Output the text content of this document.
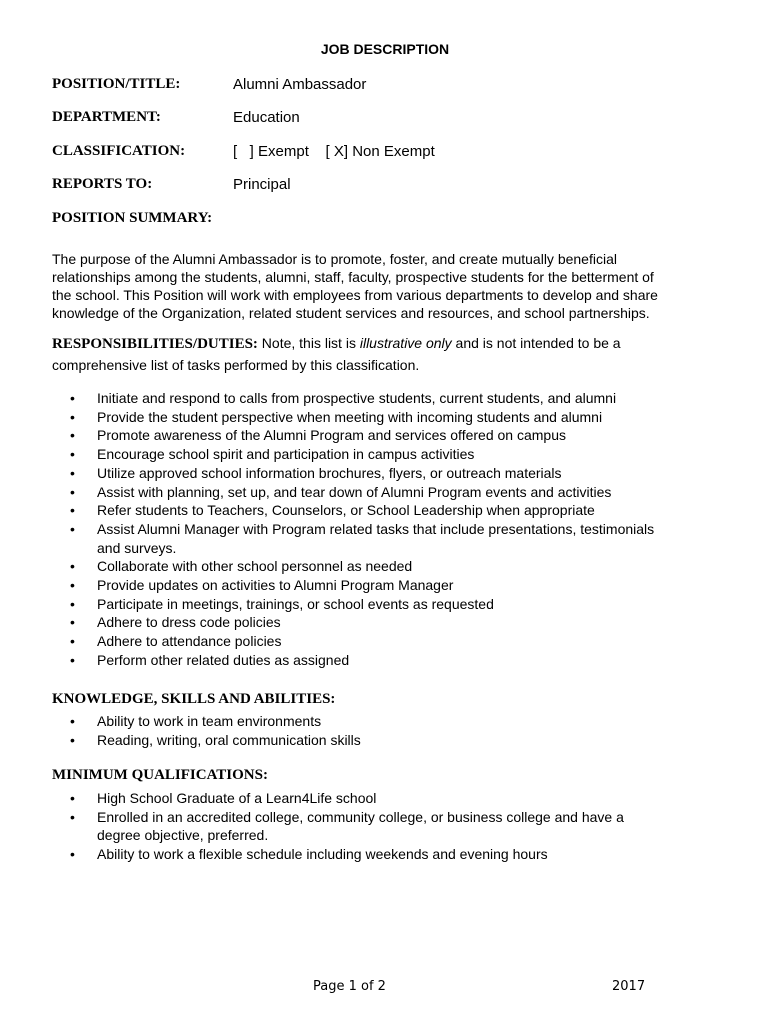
JOB DESCRIPTION
POSITION/TITLE:	Alumni Ambassador
DEPARTMENT:	Education
CLASSIFICATION:	[   ] Exempt    [ X] Non Exempt
REPORTS TO:	Principal
POSITION SUMMARY:
The purpose of the Alumni Ambassador is to promote, foster, and create mutually beneficial
relationships among the students, alumni, staff, faculty, prospective students for the betterment of
the school. This Position will work with employees from various departments to develop and share
knowledge of the Organization, related student services and resources, and school partnerships.
RESPONSIBILITIES/DUTIES: Note, this list is illustrative only and is not intended to be a
comprehensive list of tasks performed by this classification.
• Initiate and respond to calls from prospective students, current students, and alumni
• Provide the student perspective when meeting with incoming students and alumni
• Promote awareness of the Alumni Program and services offered on campus
• Encourage school spirit and participation in campus activities
• Utilize approved school information brochures, flyers, or outreach materials
• Assist with planning, set up, and tear down of Alumni Program events and activities
• Refer students to Teachers, Counselors, or School Leadership when appropriate
• Assist Alumni Manager with Program related tasks that include presentations, testimonials
and surveys.
• Collaborate with other school personnel as needed
• Provide updates on activities to Alumni Program Manager
• Participate in meetings, trainings, or school events as requested
• Adhere to dress code policies
• Adhere to attendance policies
• Perform other related duties as assigned
KNOWLEDGE, SKILLS AND ABILITIES:
• Ability to work in team environments
• Reading, writing, oral communication skills
MINIMUM QUALIFICATIONS:
• High School Graduate of a Learn4Life school
• Enrolled in an accredited college, community college, or business college and have a
degree objective, preferred.
• Ability to work a flexible schedule including weekends and evening hours
Page 1 of 2	2017
